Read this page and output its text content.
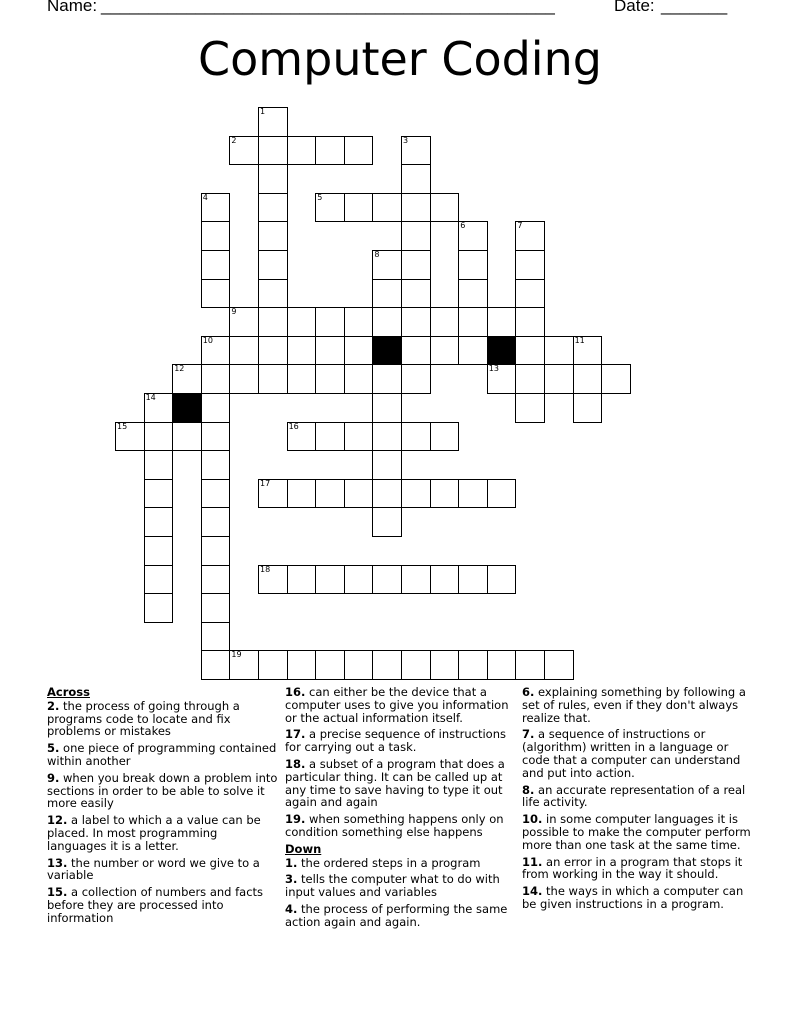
Name: ________________________________________________	Date: _______
Computer Coding
1
2	3
4	5
6	7
8
9
10	11
12	13
14
15	16
17
18
19
Across
2. the process of going through a programs code to locate and fix problems or mistakes
5. one piece of programming contained within another
9. when you break down a problem into sections in order to be able to solve it more easily
12. a label to which a a value can be placed. In most programming languages it is a letter.
13. the number or word we give to a variable
15. a collection of numbers and facts before they are processed into information
16. can either be the device that a computer uses to give you information or the actual information itself.
17. a precise sequence of instructions for carrying out a task.
18. a subset of a program that does a particular thing. It can be called up at any time to save having to type it out again and again
19. when something happens only on condition something else happens
Down
1. the ordered steps in a program
3. tells the computer what to do with input values and variables
4. the process of performing the same action again and again.
6. explaining something by following a set of rules, even if they don't always realize that.
7. a sequence of instructions or (algorithm) written in a language or code that a computer can understand and put into action.
8. an accurate representation of a real life activity.
10. in some computer languages it is possible to make the computer perform more than one task at the same time.
11. an error in a program that stops it from working in the way it should.
14. the ways in which a computer can be given instructions in a program.
